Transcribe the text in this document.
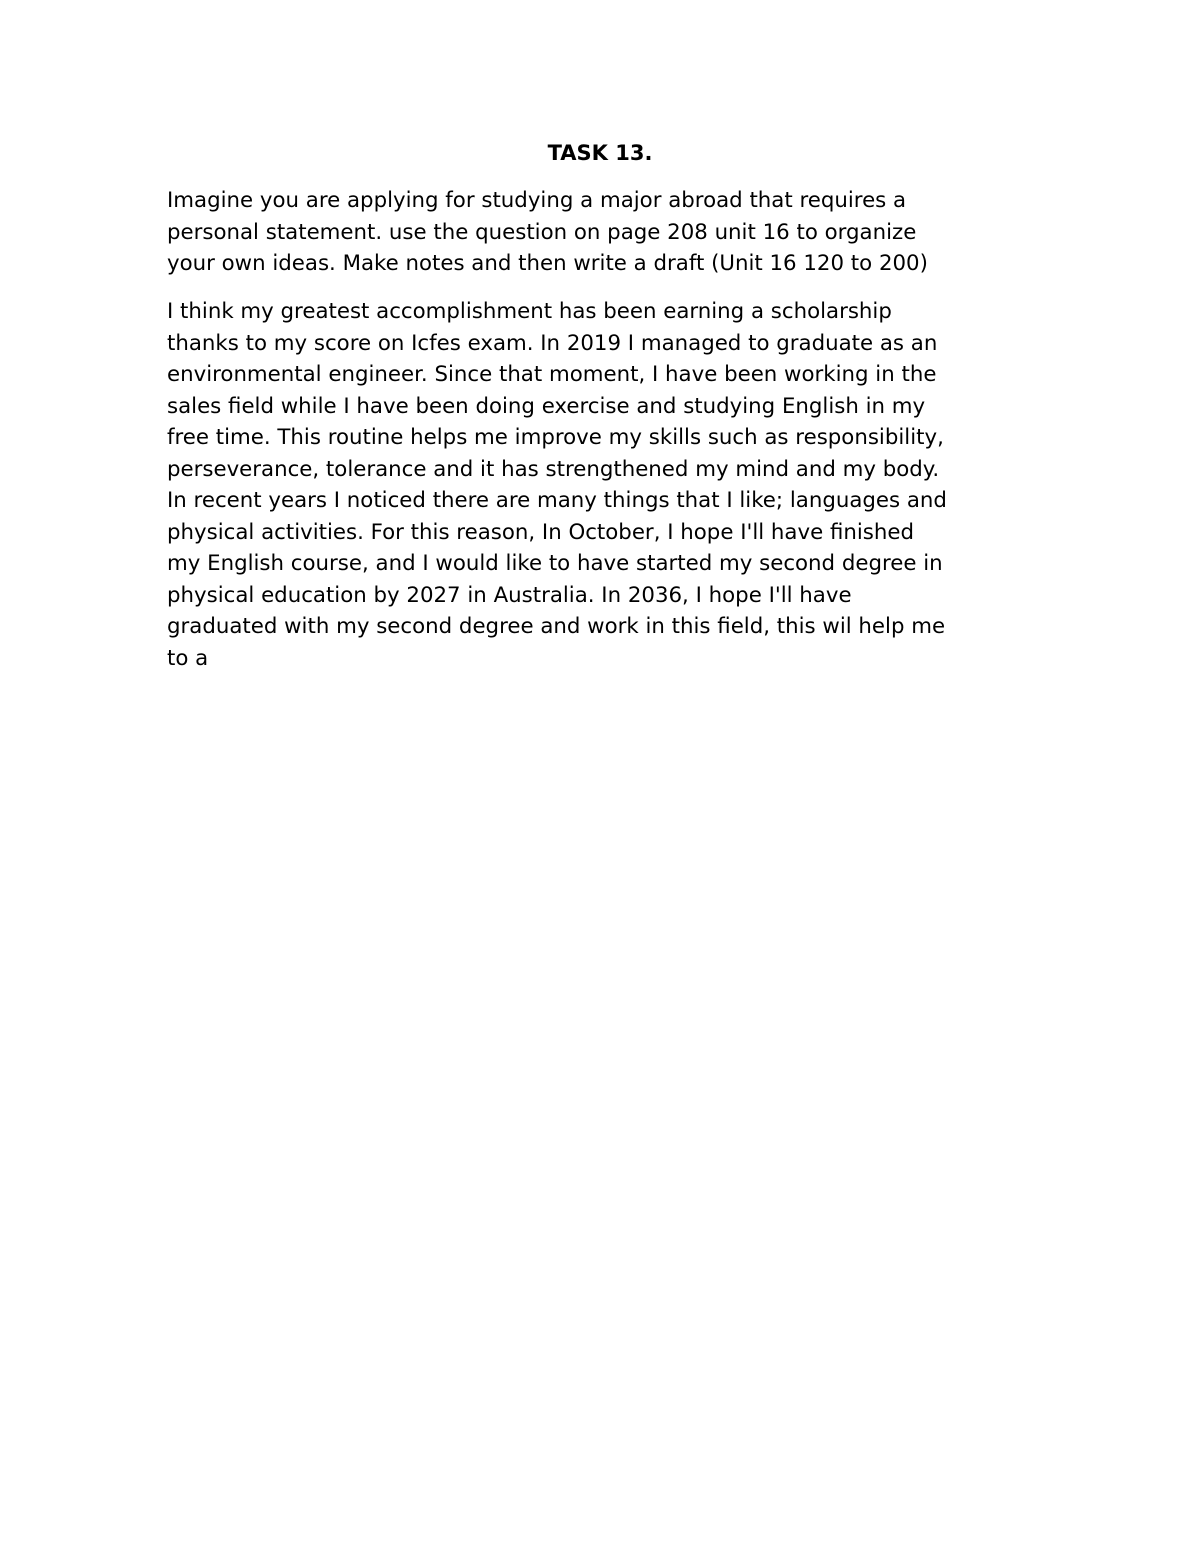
TASK 13.

Imagine you are applying for studying a major abroad that requires a
personal statement. use the question on page 208 unit 16 to organize
your own ideas. Make notes and then write a draft (Unit 16 120 to 200)

I think my greatest accomplishment has been earning a scholarship
thanks to my score on Icfes exam. In 2019 I managed to graduate as an
environmental engineer. Since that moment, I have been working in the
sales field while I have been doing exercise and studying English in my
free time. This routine helps me improve my skills such as responsibility,
perseverance, tolerance and it has strengthened my mind and my body.
In recent years I noticed there are many things that I like; languages and
physical activities. For this reason, In October, I hope I'll have finished
my English course, and I would like to have started my second degree in
physical education by 2027 in Australia. In 2036, I hope I'll have
graduated with my second degree and work in this field, this wil help me
to a
